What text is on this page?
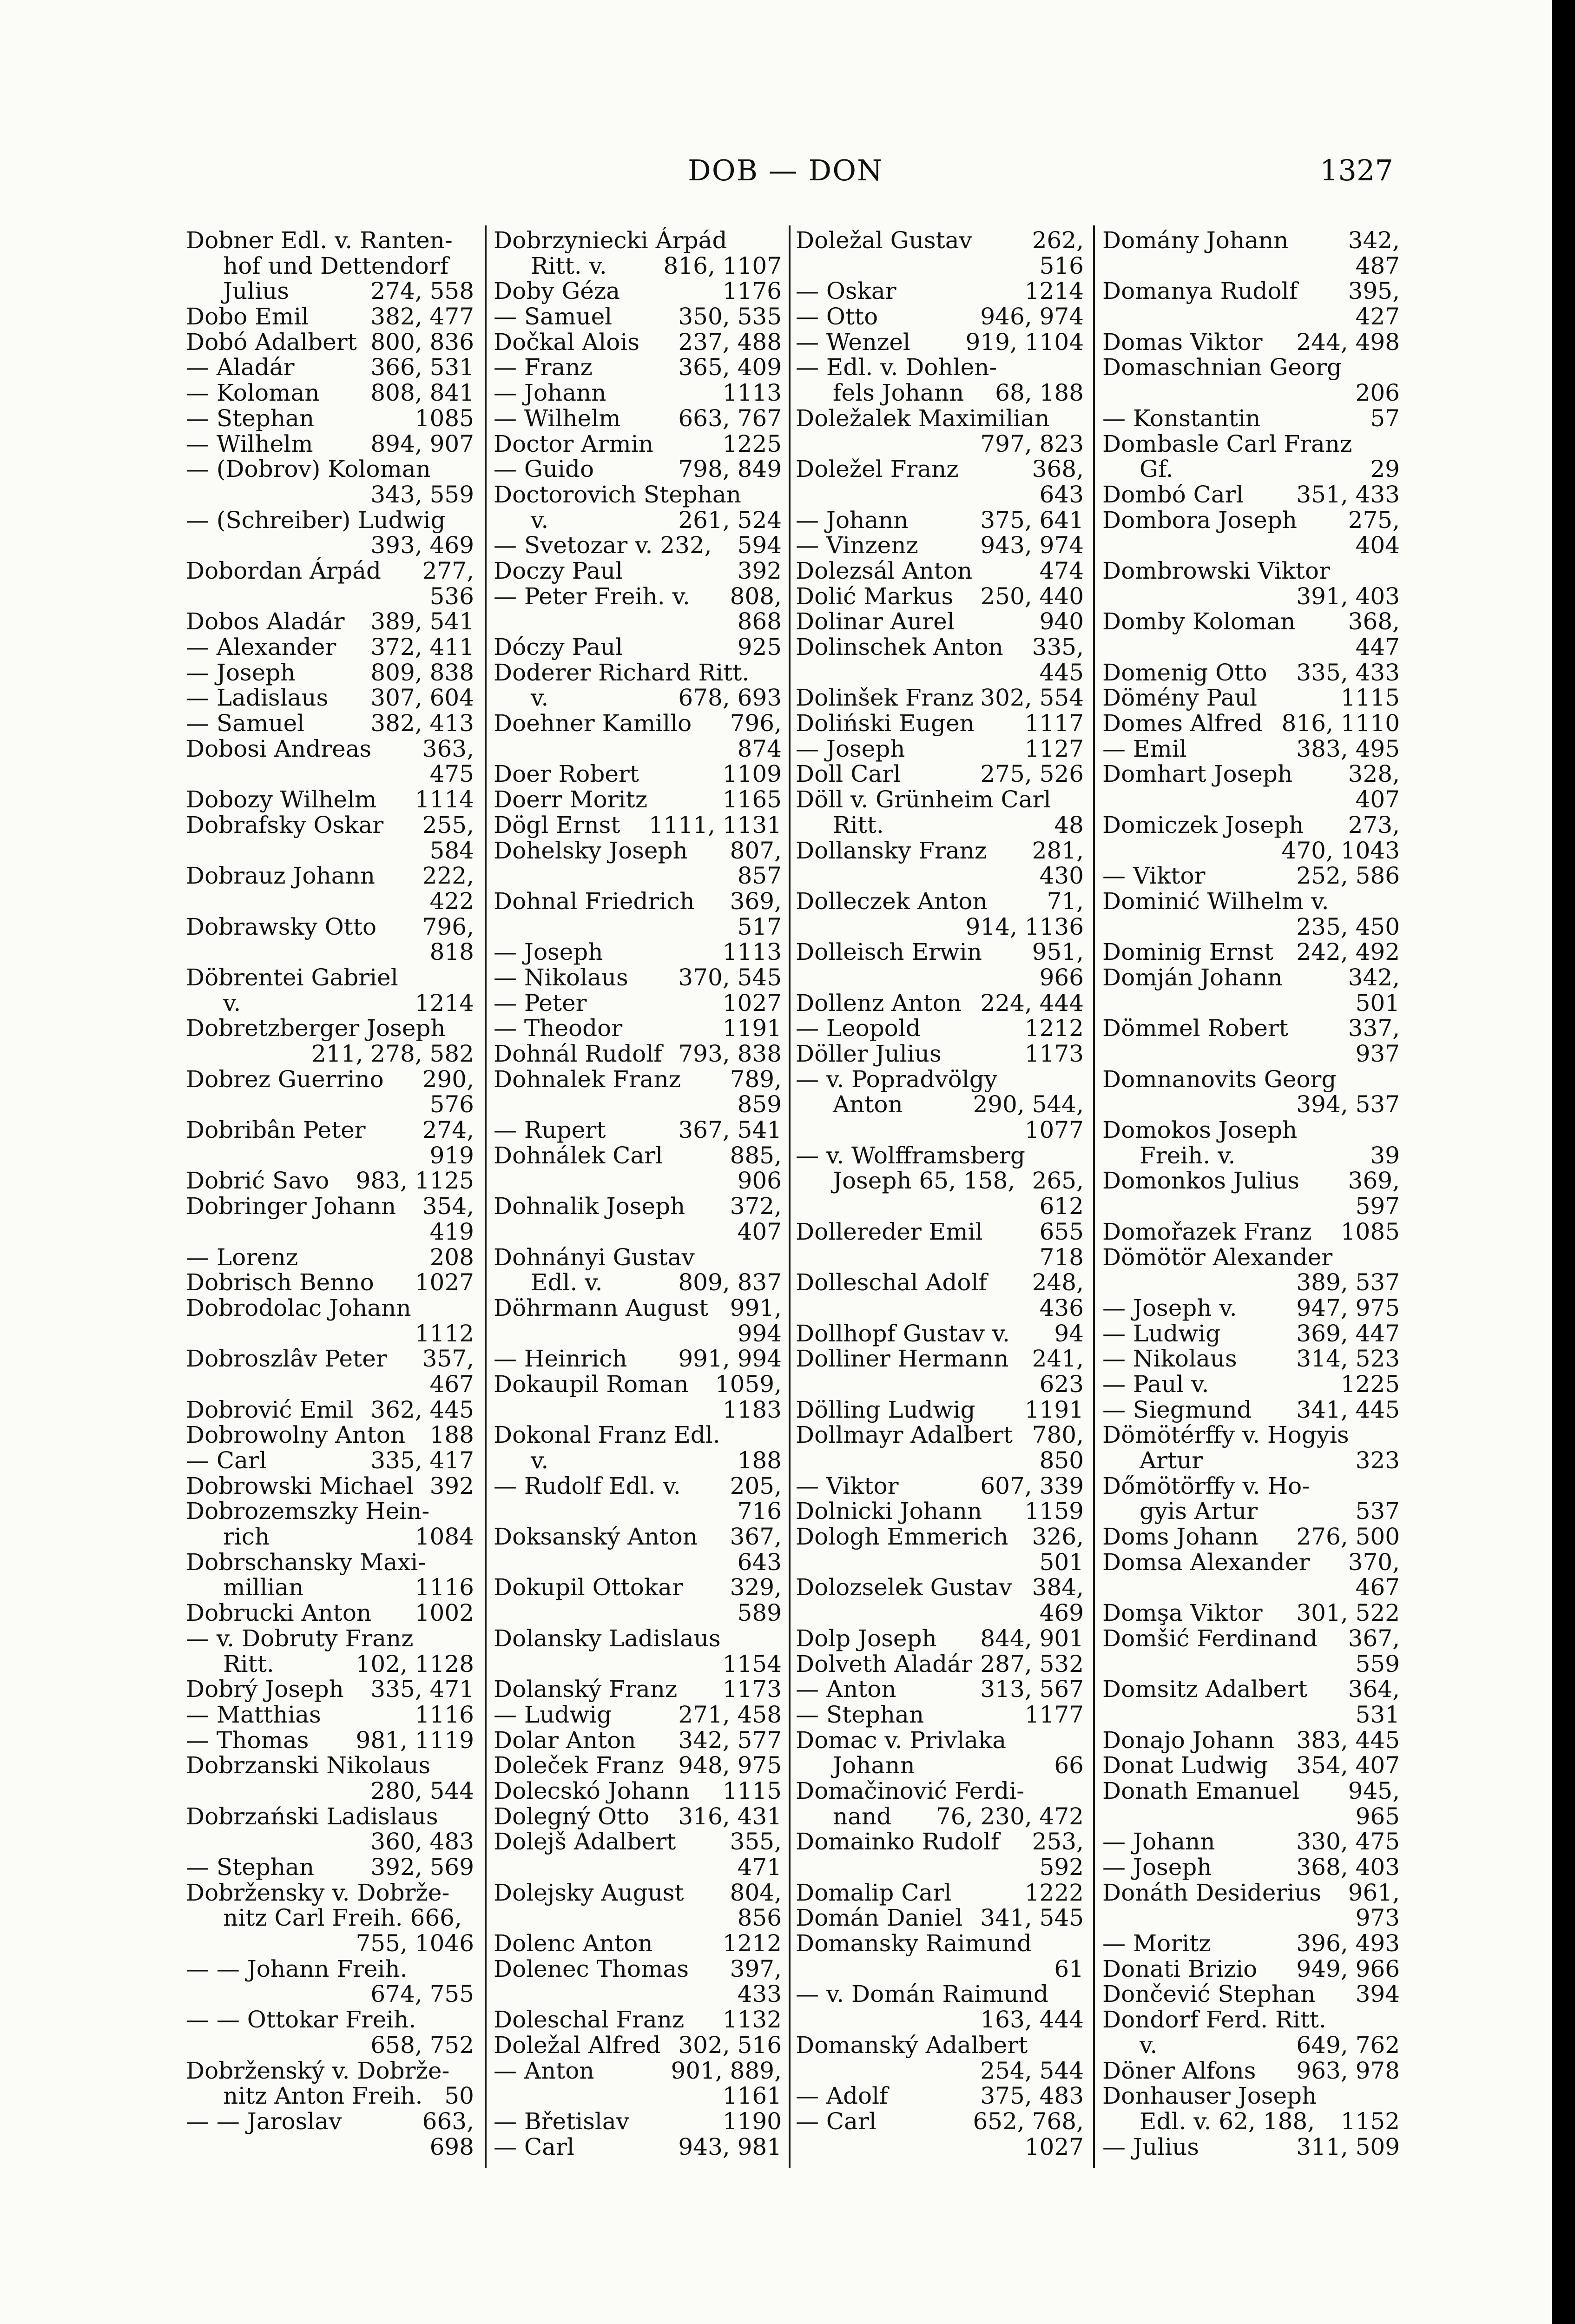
DOB — DON	1327
Dobner Edl. v. Ranten-
hof und Dettendorf
Julius	274, 558
Dobo Emil	382, 477
Dobó Adalbert 800, 836
— Aladár	366, 531
— Koloman	808, 841
— Stephan	1085
— Wilhelm	894, 907
— (Dobrov) Koloman
343, 559
— (Schreiber) Ludwig
393, 469
Dobordan Árpád	277,
536
Dobos Aladár	389, 541
— Alexander	372, 411
— Joseph	809, 838
— Ladislaus	307, 604
— Samuel	382, 413
Dobosi Andreas	363,
475
Dobozy Wilhelm	1114
Dobrafsky Oskar	255,
584
Dobrauz Johann	222,
422
Dobrawsky Otto	796,
818
Döbrentei Gabriel
v.	1214
Dobretzberger Joseph
211, 278, 582
Dobrez Guerrino	290,
576
Dobribân Peter	274,
919
Dobrić Savo	983, 1125
Dobringer Johann	354,
419
— Lorenz	208
Dobrisch Benno	1027
Dobrodolac Johann
1112
Dobroszlâv Peter	357,
467
Dobrović Emil 362, 445
Dobrowolny Anton	188
— Carl	335, 417
Dobrowski Michael 392
Dobrozemszky Hein-
rich	1084
Dobrschansky Maxi-
millian	1116
Dobrucki Anton	1002
— v. Dobruty Franz
Ritt.	102, 1128
Dobrý Joseph	335, 471
— Matthias	1116
— Thomas	981, 1119
Dobrzanski Nikolaus
280, 544
Dobrzański Ladislaus
360, 483
— Stephan	392, 569
Dobržensky v. Dobrže-
nitz Carl Freih. 666,
755, 1046
— — Johann Freih.
674, 755
— — Ottokar Freih.
658, 752
Dobrženský v. Dobrže-
nitz Anton Freih. 50
— — Jaroslav	663,
698
Dobrzyniecki Árpád
Ritt. v.	816, 1107
Doby Géza	1176
— Samuel	350, 535
Dočkal Alois	237, 488
— Franz	365, 409
— Johann	1113
— Wilhelm	663, 767
Doctor Armin	1225
— Guido	798, 849
Doctorovich Stephan
v.	261, 524
— Svetozar v. 232,	594
Doczy Paul	392
— Peter Freih. v.	808,
868
Dóczy Paul	925
Doderer Richard Ritt.
v.	678, 693
Doehner Kamillo	796,
874
Doer Robert	1109
Doerr Moritz	1165
Dögl Ernst	1111, 1131
Dohelsky Joseph	807,
857
Dohnal Friedrich	369,
517
— Joseph	1113
— Nikolaus	370, 545
— Peter	1027
— Theodor	1191
Dohnál Rudolf 793, 838
Dohnalek Franz	789,
859
— Rupert	367, 541
Dohnálek Carl	885,
906
Dohnalik Joseph	372,
407
Dohnányi Gustav
Edl. v.	809, 837
Döhrmann August 991,
994
— Heinrich	991, 994
Dokaupil Roman	1059,
1183
Dokonal Franz Edl.
v.	188
— Rudolf Edl. v.	205,
716
Doksanský Anton	367,
643
Dokupil Ottokar	329,
589
Dolansky Ladislaus
1154
Dolanský Franz	1173
— Ludwig	271, 458
Dolar Anton	342, 577
Doleček Franz 948, 975
Dolecskó Johann	1115
Dolegný Otto	316, 431
Dolejš Adalbert	355,
471
Dolejsky August	804,
856
Dolenc Anton	1212
Dolenec Thomas	397,
433
Doleschal Franz	1132
Doležal Alfred 302, 516
— Anton	901, 889,
1161
— Břetislav	1190
— Carl	943, 981
Doležal Gustav	262,
516
— Oskar	1214
— Otto	946, 974
— Wenzel	919, 1104
— Edl. v. Dohlen-
fels Johann	68, 188
Doležalek Maximilian
797, 823
Doležel Franz	368,
643
— Johann	375, 641
— Vinzenz	943, 974
Dolezsál Anton	474
Dolić Markus	250, 440
Dolinar Aurel	940
Dolinschek Anton	335,
445
Dolinšek Franz 302, 554
Doliński Eugen	1117
— Joseph	1127
Doll Carl	275, 526
Döll v. Grünheim Carl
Ritt.	48
Dollansky Franz	281,
430
Dolleczek Anton	71,
914, 1136
Dolleisch Erwin	951,
966
Dollenz Anton 224, 444
— Leopold	1212
Döller Julius	1173
— v. Popradvölgy
Anton	290, 544,
1077
— v. Wolfframsberg
Joseph 65, 158, 265,
612
Dollereder Emil	655
718
Dolleschal Adolf	248,
436
Dollhopf Gustav v.	94
Dolliner Hermann	241,
623
Dölling Ludwig	1191
Dollmayr Adalbert 780,
850
— Viktor	607, 339
Dolnicki Johann	1159
Dologh Emmerich	326,
501
Dolozselek Gustav 384,
469
Dolp Joseph	844, 901
Dolveth Aladár 287, 532
— Anton	313, 567
— Stephan	1177
Domac v. Privlaka
Johann	66
Domačinović Ferdi-
nand	76, 230, 472
Domainko Rudolf	253,
592
Domalip Carl	1222
Domán Daniel 341, 545
Domansky Raimund
61
— v. Domán Raimund
163, 444
Domanský Adalbert
254, 544
— Adolf	375, 483
— Carl	652, 768,
1027
Domány Johann	342,
487
Domanya Rudolf	395,
427
Domas Viktor	244, 498
Domaschnian Georg
206
— Konstantin	57
Dombasle Carl Franz
Gf.	29
Dombó Carl	351, 433
Dombora Joseph	275,
404
Dombrowski Viktor
391, 403
Domby Koloman	368,
447
Domenig Otto	335, 433
Dömény Paul	1115
Domes Alfred 816, 1110
— Emil	383, 495
Domhart Joseph	328,
407
Domiczek Joseph	273,
470, 1043
— Viktor	252, 586
Dominić Wilhelm v.
235, 450
Dominig Ernst 242, 492
Domján Johann	342,
501
Dömmel Robert	337,
937
Domnanovits Georg
394, 537
Domokos Joseph
Freih. v.	39
Domonkos Julius	369,
597
Domořazek Franz	1085
Dömötör Alexander
389, 537
— Joseph v.	947, 975
— Ludwig	369, 447
— Nikolaus	314, 523
— Paul v.	1225
— Siegmund	341, 445
Dömötérffy v. Hogyis
Artur	323
Dőmötörffy v. Ho-
gyis Artur	537
Doms Johann	276, 500
Domsa Alexander	370,
467
Domşa Viktor	301, 522
Domšić Ferdinand	367,
559
Domsitz Adalbert	364,
531
Donajo Johann 383, 445
Donat Ludwig	354, 407
Donath Emanuel	945,
965
— Johann	330, 475
— Joseph	368, 403
Donáth Desiderius	961,
973
— Moritz	396, 493
Donati Brizio	949, 966
Dončević Stephan	394
Dondorf Ferd. Ritt.
v.	649, 762
Döner Alfons	963, 978
Donhauser Joseph
Edl. v. 62, 188,	1152
— Julius	311, 509
